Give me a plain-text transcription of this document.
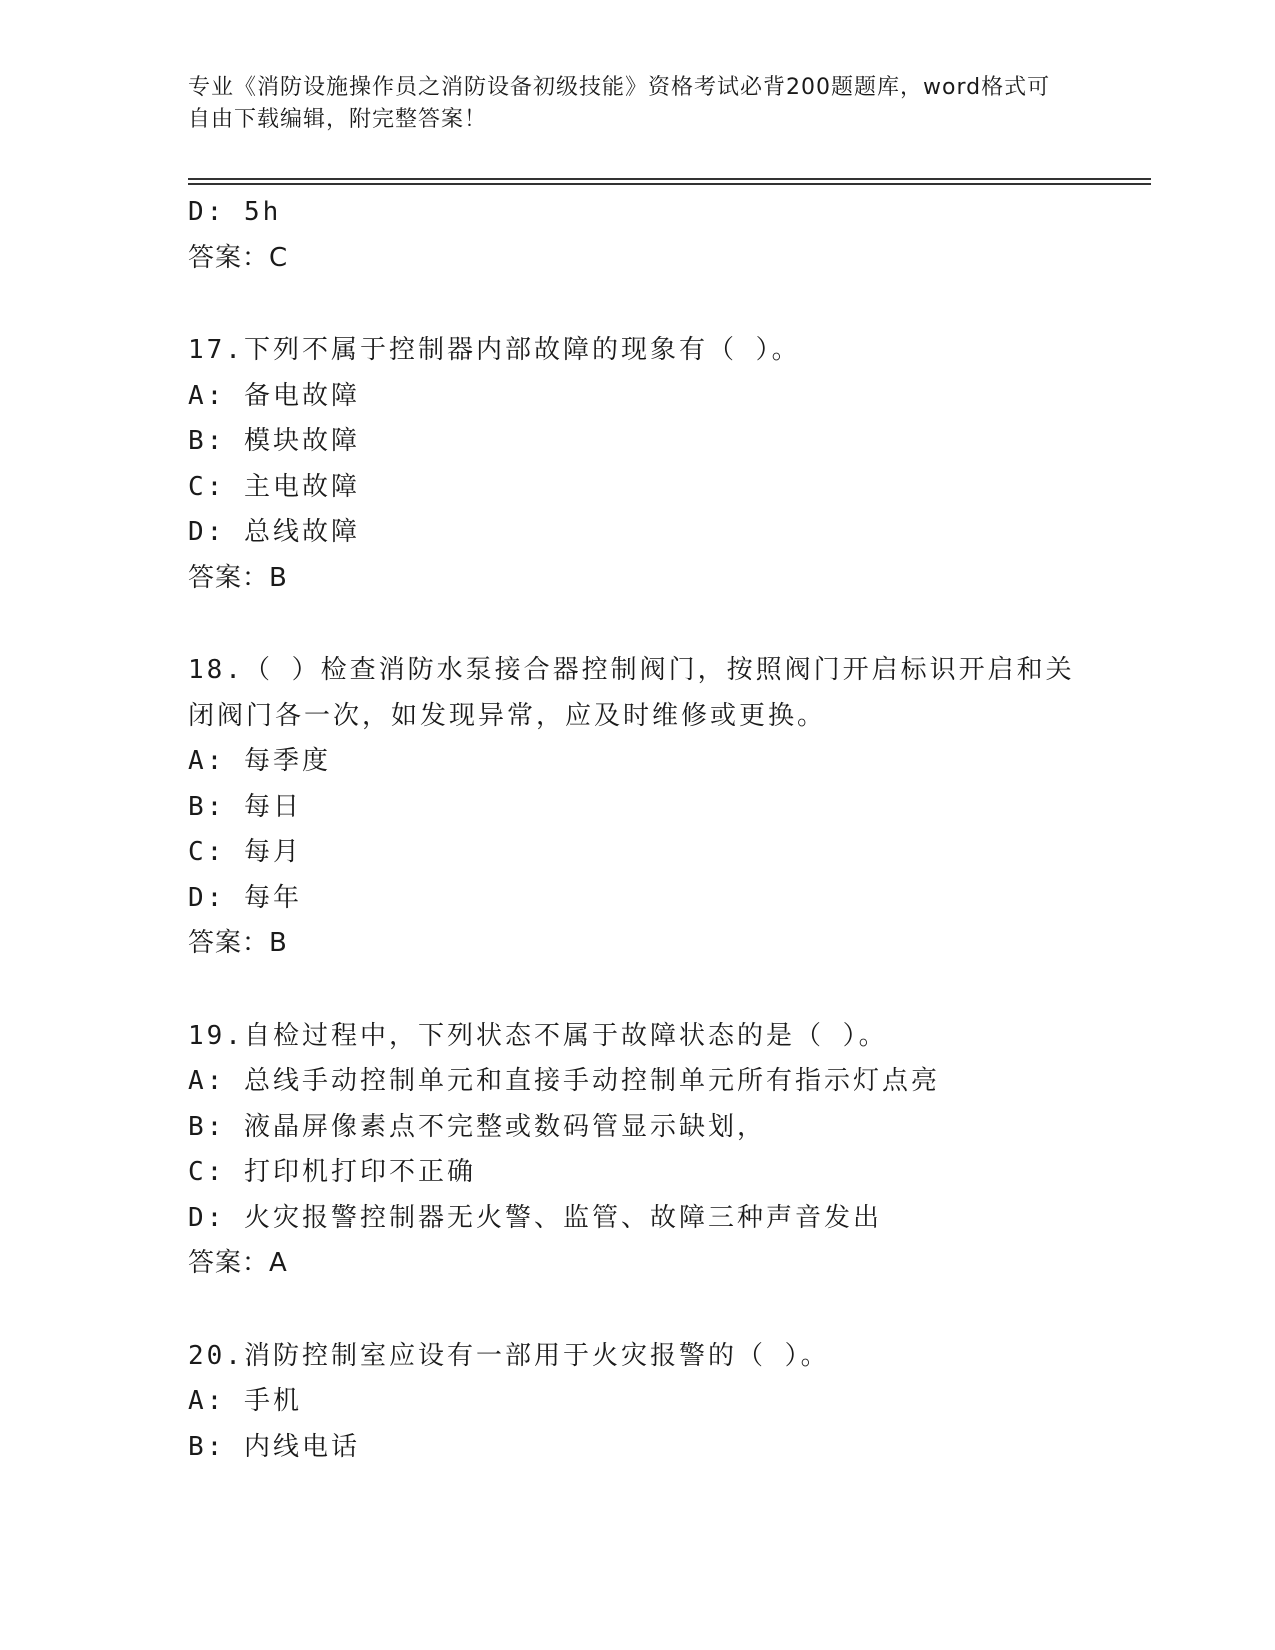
专业《消防设施操作员之消防设备初级技能》资格考试必背200题题库，word格式可自由下载编辑，附完整答案！
D: 5h
答案：C
17.下列不属于控制器内部故障的现象有（ ）。
A: 备电故障
B: 模块故障
C: 主电故障
D: 总线故障
答案：B
18.（ ）检查消防水泵接合器控制阀门，按照阀门开启标识开启和关闭阀门各一次，如发现异常，应及时维修或更换。
A: 每季度
B: 每日
C: 每月
D: 每年
答案：B
19.自检过程中，下列状态不属于故障状态的是（ ）。
A: 总线手动控制单元和直接手动控制单元所有指示灯点亮
B: 液晶屏像素点不完整或数码管显示缺划，
C: 打印机打印不正确
D: 火灾报警控制器无火警、监管、故障三种声音发出
答案：A
20.消防控制室应设有一部用于火灾报警的（ ）。
A: 手机
B: 内线电话
